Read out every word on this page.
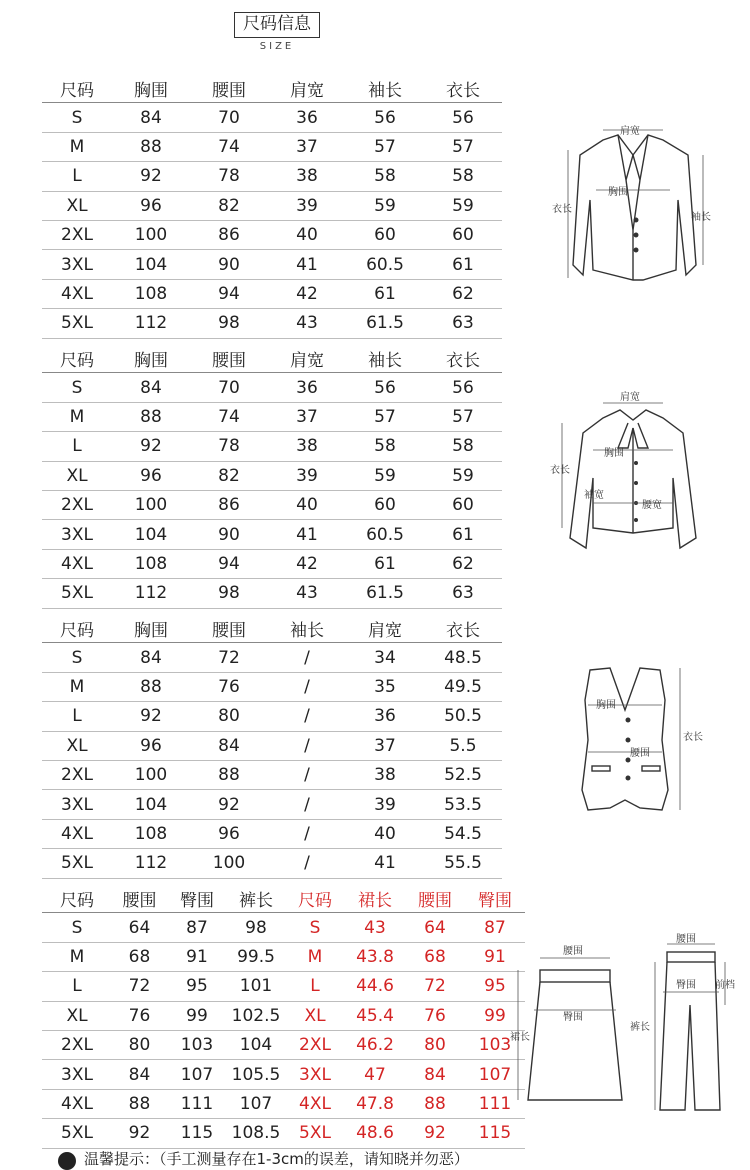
尺码信息
SIZE
尺码	胸围	腰围	肩宽	袖长	衣长
S	84	70	36	56	56
M	88	74	37	57	57
L	92	78	38	58	58
XL	96	82	39	59	59
2XL	100	86	40	60	60
3XL	104	90	41	60.5	61
4XL	108	94	42	61	62
5XL	112	98	43	61.5	63
尺码	胸围	腰围	肩宽	袖长	衣长
S	84	70	36	56	56
M	88	74	37	57	57
L	92	78	38	58	58
XL	96	82	39	59	59
2XL	100	86	40	60	60
3XL	104	90	41	60.5	61
4XL	108	94	42	61	62
5XL	112	98	43	61.5	63
尺码	胸围	腰围	袖长	肩宽	衣长
S	84	72	/	34	48.5
M	88	76	/	35	49.5
L	92	80	/	36	50.5
XL	96	84	/	37	5.5
2XL	100	88	/	38	52.5
3XL	104	92	/	39	53.5
4XL	108	96	/	40	54.5
5XL	112	100	/	41	55.5
尺码	腰围	臀围	裤长	尺码	裙长	腰围	臀围
S	64	87	98	S	43	64	87
M	68	91	99.5	M	43.8	68	91
L	72	95	101	L	44.6	72	95
XL	76	99	102.5	XL	45.4	76	99
2XL	80	103	104	2XL	46.2	80	103
3XL	84	107	105.5	3XL	47	84	107
4XL	88	111	107	4XL	47.8	88	111
5XL	92	115	108.5	5XL	48.6	92	115
肩宽
胸围
衣长
袖长
肩宽
胸围
衣长
袖宽
腰宽
胸围
腰围
衣长
腰围
臀围
裙长
腰围
臀围 前档
裤长
温馨提示：（手工测量存在1-3cm的误差，请知晓并勿恶）
